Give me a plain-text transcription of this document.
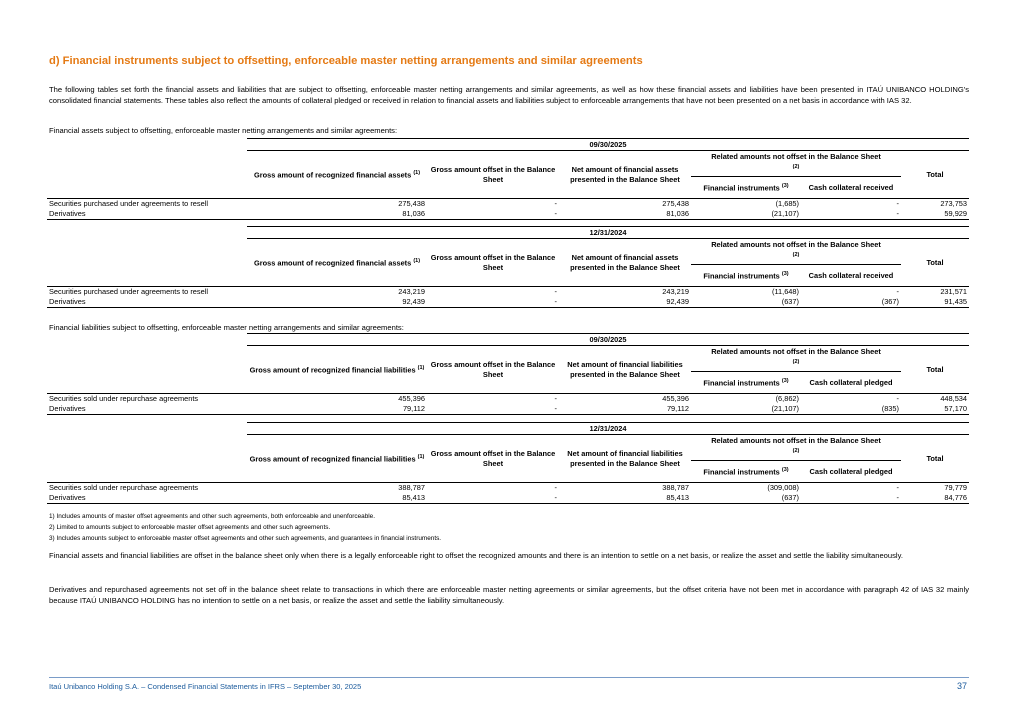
d) Financial instruments subject to offsetting, enforceable master netting arrangements and similar agreements
The following tables set forth the financial assets and liabilities that are subject to offsetting, enforceable master netting arrangements and similar agreements, as well as how these financial assets and liabilities have been presented in ITAÚ UNIBANCO HOLDING's consolidated financial statements. These tables also reflect the amounts of collateral pledged or received in relation to financial assets and liabilities subject to enforceable arrangements that have not been presented on a net basis in accordance with IAS 32.
Financial assets subject to offsetting, enforceable master netting arrangements and similar agreements:
	09/30/2025					
	Gross amount of recognized financial assets $^{(1)}$	Gross amount offset in the Balance Sheet	Net amount of financial assets presented in the Balance Sheet	Related amounts not offset in the Balance Sheet
$^{(2)}$		Total
				Financial instruments $^{(3)}$	Cash collateral received	
Securities purchased under agreements to resell	275,438	-	275,438	(1,685)	-	273,753
Derivatives	81,036	-	81,036	(21,107)	-	59,929
	12/31/2024					
	Gross amount of recognized financial assets $^{(1)}$	Gross amount offset in the Balance Sheet	Net amount of financial assets presented in the Balance Sheet	Related amounts not offset in the Balance Sheet
$^{(2)}$		Total
				Financial instruments $^{(3)}$	Cash collateral received	
Securities purchased under agreements to resell	243,219	-	243,219	(11,648)	-	231,571
Derivatives	92,439	-	92,439	(637)	(367)	91,435
Financial liabilities subject to offsetting, enforceable master netting arrangements and similar agreements:
	09/30/2025					
	Gross amount of recognized financial liabilities $^{(1)}$	Gross amount offset in the Balance Sheet	Net amount of financial liabilities presented in the Balance Sheet	Related amounts not offset in the Balance Sheet
$^{(2)}$		Total
				Financial instruments $^{(3)}$	Cash collateral pledged	
Securities sold under repurchase agreements	455,396	-	455,396	(6,862)	-	448,534
Derivatives	79,112	-	79,112	(21,107)	(835)	57,170
	12/31/2024					
	Gross amount of recognized financial liabilities $^{(1)}$	Gross amount offset in the Balance Sheet	Net amount of financial liabilities presented in the Balance Sheet	Related amounts not offset in the Balance Sheet
$^{(2)}$		Total
				Financial instruments $^{(3)}$	Cash collateral pledged	
Securities sold under repurchase agreements	388,787	-	388,787	(309,008)	-	79,779
Derivatives	85,413	-	85,413	(637)	-	84,776
1) Includes amounts of master offset agreements and other such agreements, both enforceable and unenforceable.
2) Limited to amounts subject to enforceable master offset agreements and other such agreements.
3) Includes amounts subject to enforceable master offset agreements and other such agreements, and guarantees in financial instruments.
Financial assets and financial liabilities are offset in the balance sheet only when there is a legally enforceable right to offset the recognized amounts and there is an intention to settle on a net basis, or realize the asset and settle the liability simultaneously.
Derivatives and repurchased agreements not set off in the balance sheet relate to transactions in which there are enforceable master netting agreements or similar agreements, but the offset criteria have not been met in accordance with paragraph 42 of IAS 32 mainly because ITAÚ UNIBANCO HOLDING has no intention to settle on a net basis, or realize the asset and settle the liability simultaneously.
Itaú Unibanco Holding S.A. – Condensed Financial Statements in IFRS – September 30, 2025	37
